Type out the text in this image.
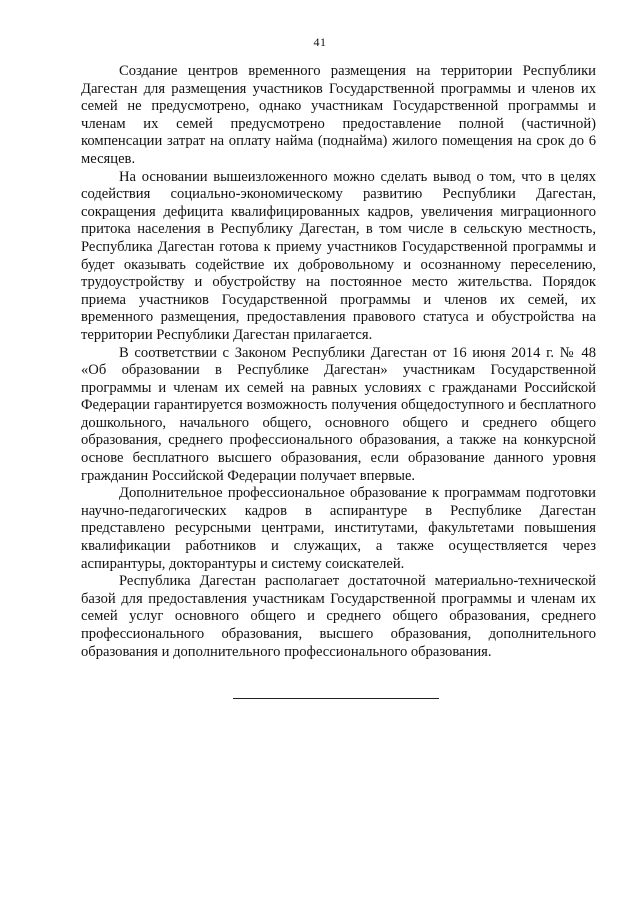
41

Создание центров временного размещения на территории Республики Дагестан для размещения участников Государственной программы и членов их семей не предусмотрено, однако участникам Государственной программы и членам их семей предусмотрено предоставление полной (частичной) компенсации затрат на оплату найма (поднайма) жилого помещения на срок до 6 месяцев.

На основании вышеизложенного можно сделать вывод о том, что в целях содействия социально-экономическому развитию Республики Дагестан, сокращения дефицита квалифицированных кадров, увеличения миграционного притока населения в Республику Дагестан, в том числе в сельскую местность, Республика Дагестан готова к приему участников Государственной программы и будет оказывать содействие их добровольному и осознанному переселению, трудоустройству и обустройству на постоянное место жительства. Порядок приема участников Государственной программы и членов их семей, их временного размещения, предоставления правового статуса и обустройства на территории Республики Дагестан прилагается.

В соответствии с Законом Республики Дагестан от 16 июня 2014 г. № 48 «Об образовании в Республике Дагестан» участникам Государственной программы и членам их семей на равных условиях с гражданами Российской Федерации гарантируется возможность получения общедоступного и бесплатного дошкольного, начального общего, основного общего и среднего общего образования, среднего профессионального образования, а также на конкурсной основе бесплатного высшего образования, если образование данного уровня гражданин Российской Федерации получает впервые.

Дополнительное профессиональное образование к программам подготовки научно-педагогических кадров в аспирантуре в Республике Дагестан представлено ресурсными центрами, институтами, факультетами повышения квалификации работников и служащих, а также осуществляется через аспирантуры, докторантуры и систему соискателей.

Республика Дагестан располагает достаточной материально-технической базой для предоставления участникам Государственной программы и членам их семей услуг основного общего и среднего общего образования, среднего профессионального образования, высшего образования, дополнительного образования и дополнительного профессионального образования.
